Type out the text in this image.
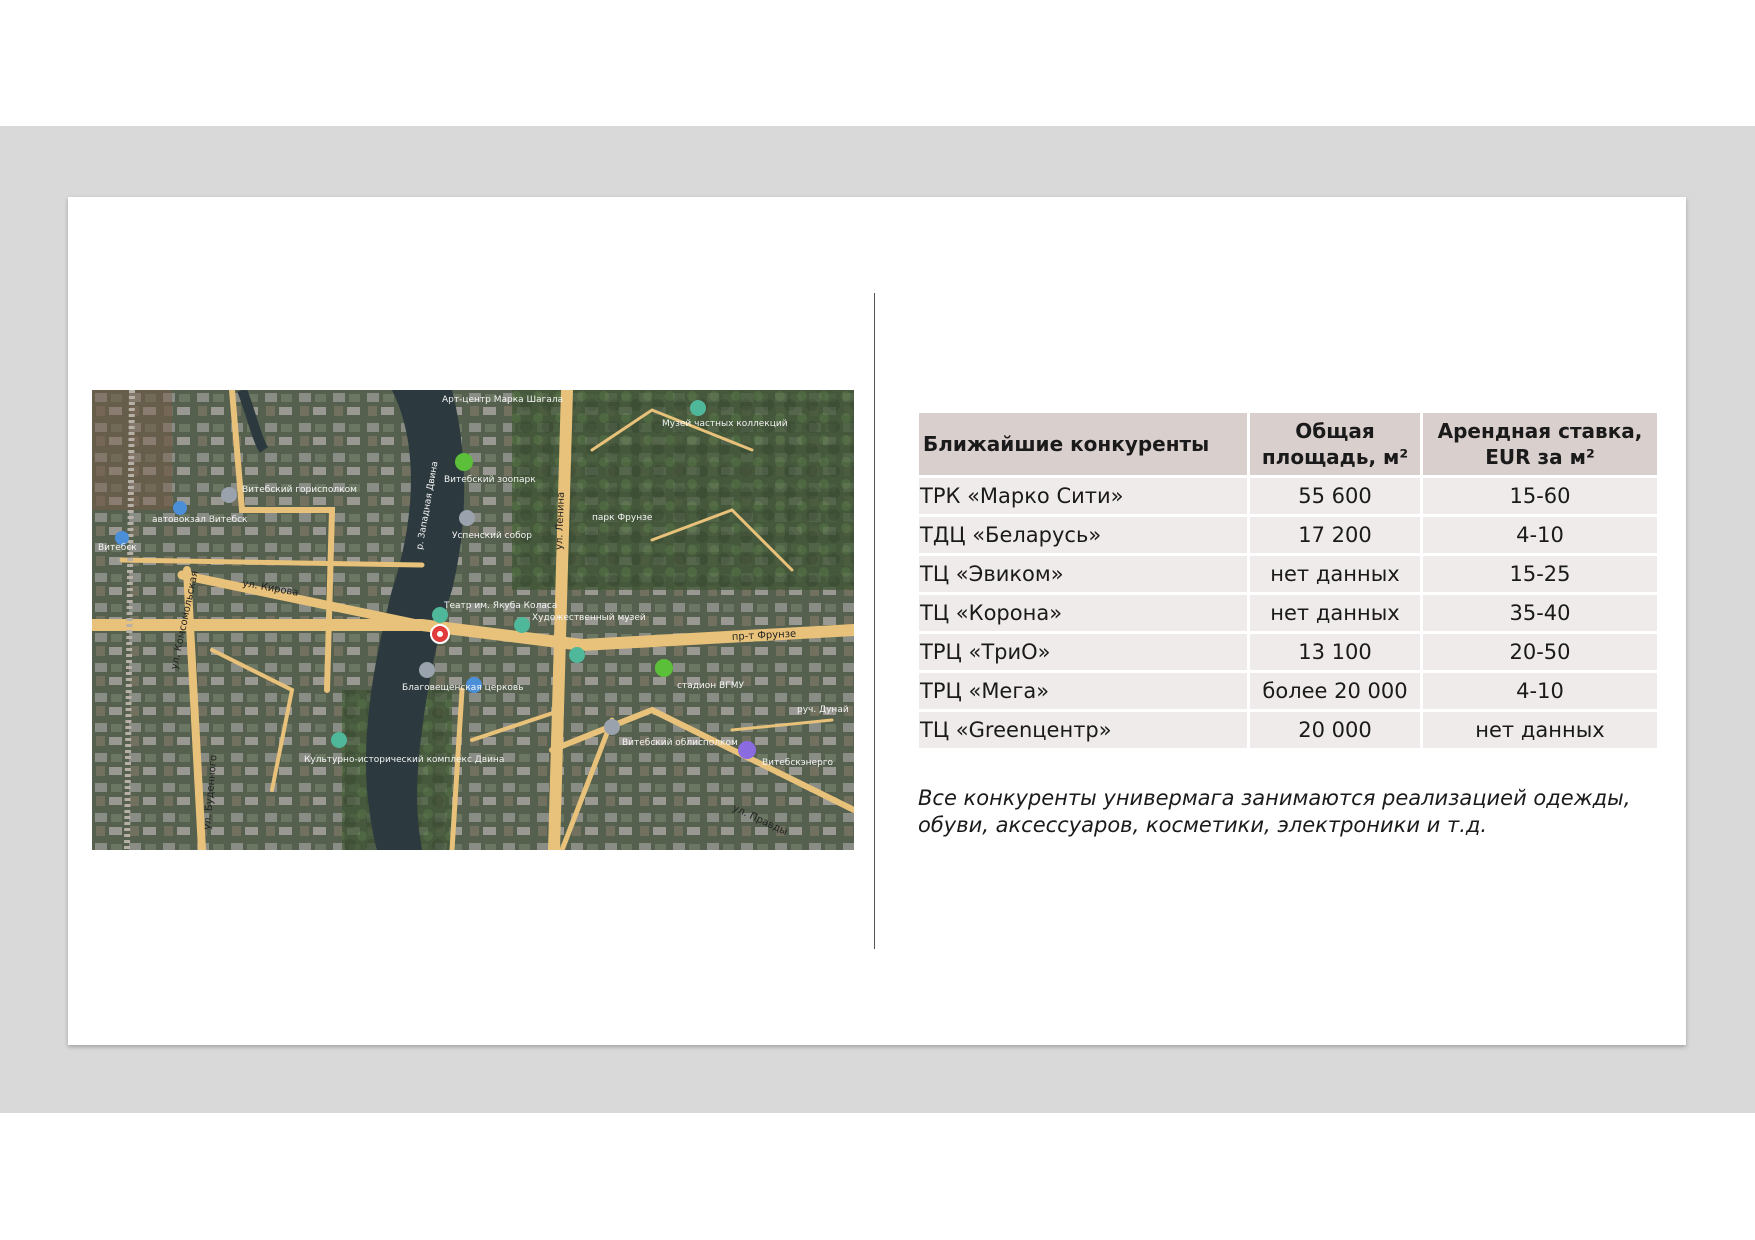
Арт-центр Марка Шагала
Музей частных коллекций
Витебский горисполком
автовокзал Витебск
Витебск
Витебский зоопарк
парк Фрунзе
Успенский собор
Театр им. Якуба Коласа
Художественный музей
Благовещенская церковь	стадион ВГМУ
Культурно-исторический комплекс Двина
Витебский облисполком
Витебскэнерго
руч. Дунай
ул. Кирова
пр-т Фрунзе
ул. Ленина
р. Западная Двина
ул. Комсомольская
ул. Буденного	ул. Правды
Ближайшие конкуренты	Общая площадь, м²	Арендная ставка, EUR за м²
ТРК «Марко Сити»	55 600	15-60
ТДЦ «Беларусь»	17 200	4-10
ТЦ «Эвиком»	нет данных	15-25
ТЦ «Корона»	нет данных	35-40
ТРЦ «ТриО»	13 100	20-50
ТРЦ «Мега»	более 20 000	4-10
ТЦ «Greenцентр»	20 000	нет данных
Все конкуренты универмага занимаются реализацией одежды, обуви, аксессуаров, косметики, электроники и т.д.
